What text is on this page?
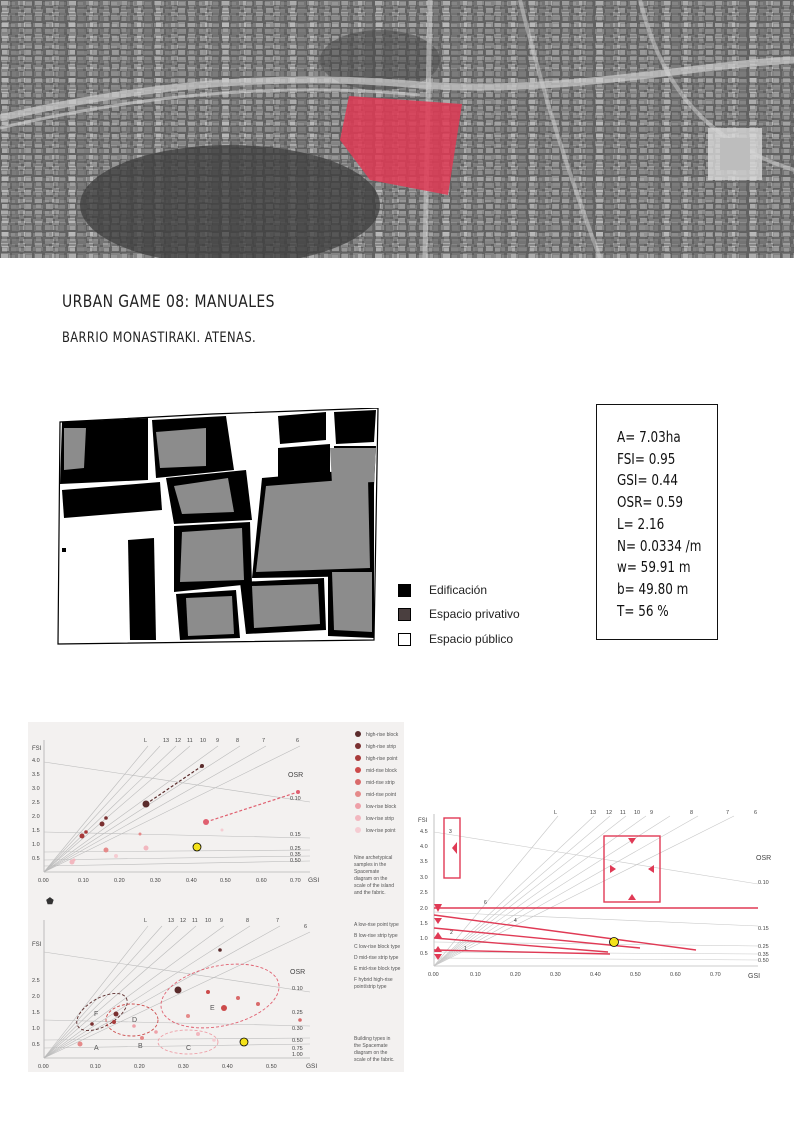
URBAN GAME 08: MANUALES
BARRIO MONASTIRAKI. ATENAS.
Edificación
Espacio privativo
Espacio público
A= 7.03ha
FSI= 0.95
GSI= 0.44
OSR= 0.59
L= 2.16
N= 0.0334 /m
w= 59.91 m
b= 49.80 m
T= 56 %
L	13 12 11 10 9	8	7	6
OSR
0.10
0.15
0.25
0.35
0.50
FSI
0.5
1.0
1.5
2.0
2.5
3.0
3.5
4.0
0.00	0.10	0.20	0.30	0.40	0.50	0.60	0.70 GSI
high-rise block
high-rise strip
high-rise point
mid-rise block
mid-rise strip
mid-rise point
low-rise block
low-rise strip
low-rise point
Nine archetypical
samples in the
Spacemate
diagram on the
scale of the island
and the fabric.
⬟
L	13 12 11 10 9	8	7
6
OSR
0.10
0.25
0.30
0.50
0.75
1.00
FSI
0.5
1.0
1.5
2.0
2.5
0.00	0.10	0.20	0.30	0.40	0.50	GSI
A	B	C
D
E
F
A low-rise point type
B low-rise strip type
C low-rise block type
D mid-rise strip type
E mid-rise block type
F hybrid high-rise
point/strip type
Building types in
the Spacemate
diagram on the
scale of the fabric.
L	13 12 11 10 9	8	7	6
OSR
0.10
0.15
0.25
0.35
0.50
FSI
0.5
1.0
1.5
2.0
2.5
3.0
3.5
4.0
4.5
0.00	0.10	0.20	0.30	0.40	0.50	0.60	0.70	GSI
3
6
4
2
1
